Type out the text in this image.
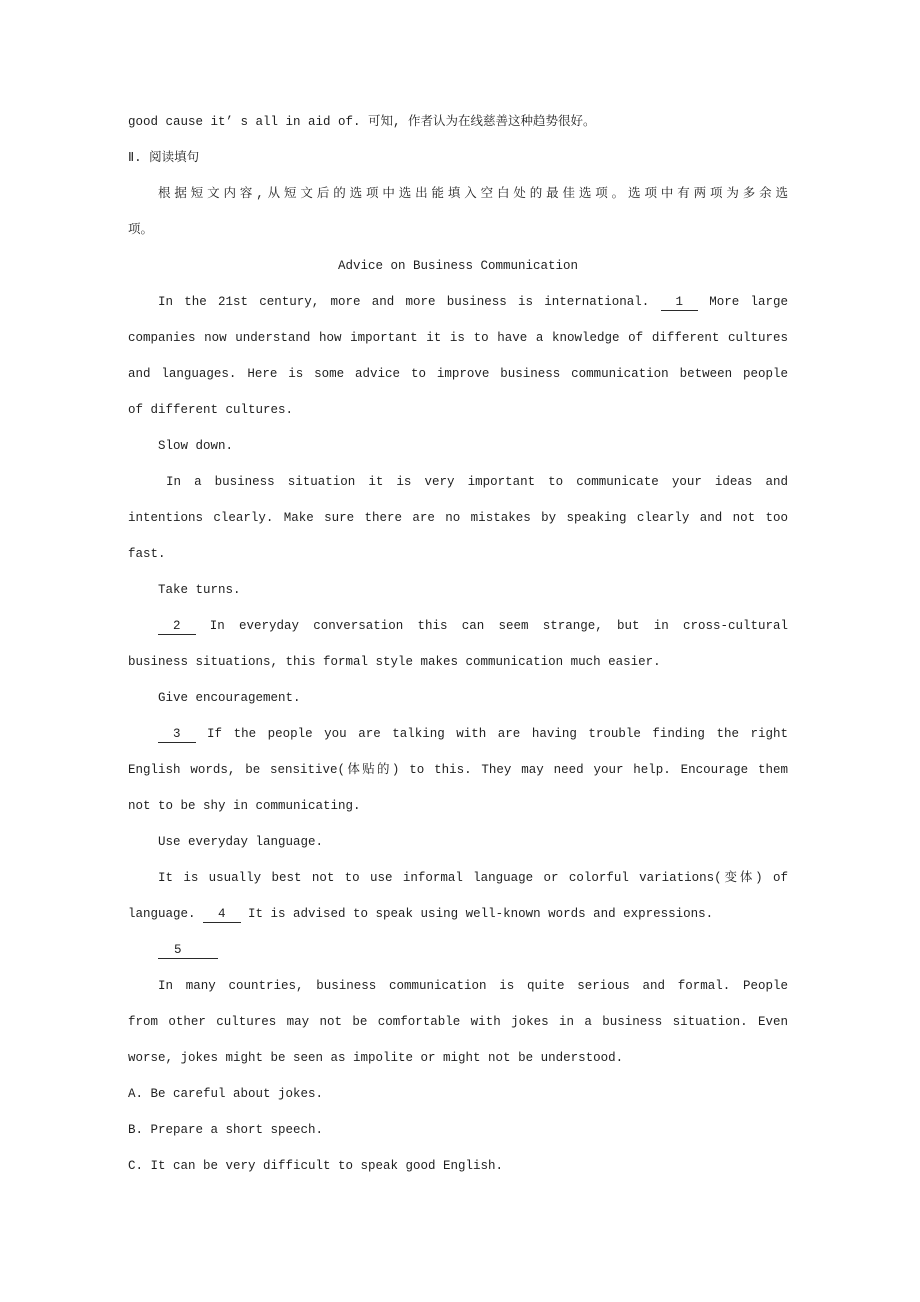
good cause it’ s all in aid of. 可知, 作者认为在线慈善这种趋势很好。
Ⅱ. 阅读填句
根据短文内容,从短文后的选项中选出能填入空白处的最佳选项。选项中有两项为多余选
项。
Advice on Business Communication
In the 21st century, more and more business is international. 1 More large
companies now understand how important it is to have a knowledge of different cultures
and languages. Here is some advice to improve business communication between people
of different cultures.
Slow down.
In a business situation it is very important to communicate your ideas and
intentions clearly. Make sure there are no mistakes by speaking clearly and not too
fast.
Take turns.
2 In everyday conversation this can seem strange, but in cross-cultural
business situations, this formal style makes communication much easier.
Give encouragement.
3 If the people you are talking with are having trouble finding the right
English words, be sensitive(体贴的) to this. They may need your help. Encourage them
not to be shy in communicating.
Use everyday language.
It is usually best not to use informal language or colorful variations(变体) of
language. 4 It is advised to speak using well-known words and expressions.
5
In many countries, business communication is quite serious and formal. People
from other cultures may not be comfortable with jokes in a business situation. Even
worse, jokes might be seen as impolite or might not be understood.
A. Be careful about jokes.
B. Prepare a short speech.
C. It can be very difficult to speak good English.
